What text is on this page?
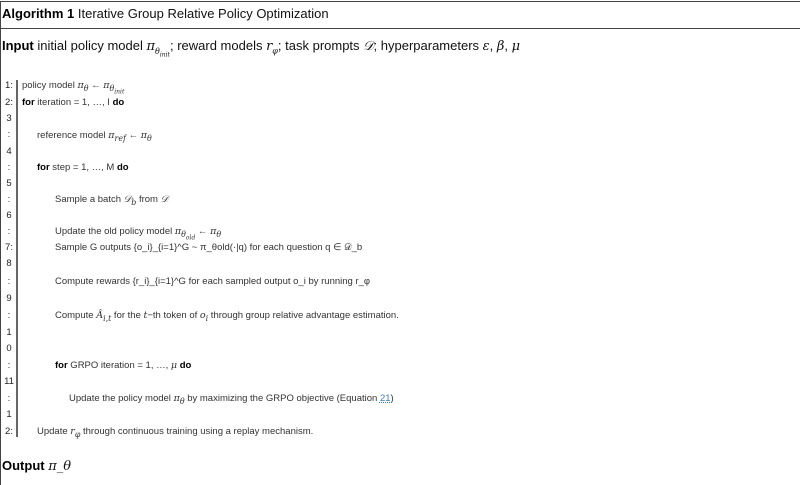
Algorithm 1 Iterative Group Relative Policy Optimization
Input initial policy model $\pi_{\theta_{init}}$; reward models $r_\varphi$; task prompts 𝒟; hyperparameters ε, β, μ
1:
2:
3
:
4
:
5
:
6
:
7:
8
:
9
:
1
0
:
11
:
1
2:
policy model $\pi_\theta$ ← $\pi_{\theta_{init}}$
for iteration = 1, …, I do
reference model $\pi_{ref}$ ← $\pi_\theta$
for step = 1, …, M do
Sample a batch 𝒟$_b$ from 𝒟
Update the old policy model $\pi_{\theta_{old}}$ ← $\pi_\theta$
Sample G outputs {o_i}_{i=1}^G ~ π_θold(·|q) for each question q ∈ 𝒟_b
Compute rewards {r_i}_{i=1}^G for each sampled output o_i by running r_φ
Compute $Â_{i,t}$ for the t−th token of $o_i$ through group relative advantage estimation.
for GRPO iteration = 1, …, μ do
Update the policy model $\pi_\theta$ by maximizing the GRPO objective (Equation 21)
Update $r_\varphi$ through continuous training using a replay mechanism.
Output π_θ
